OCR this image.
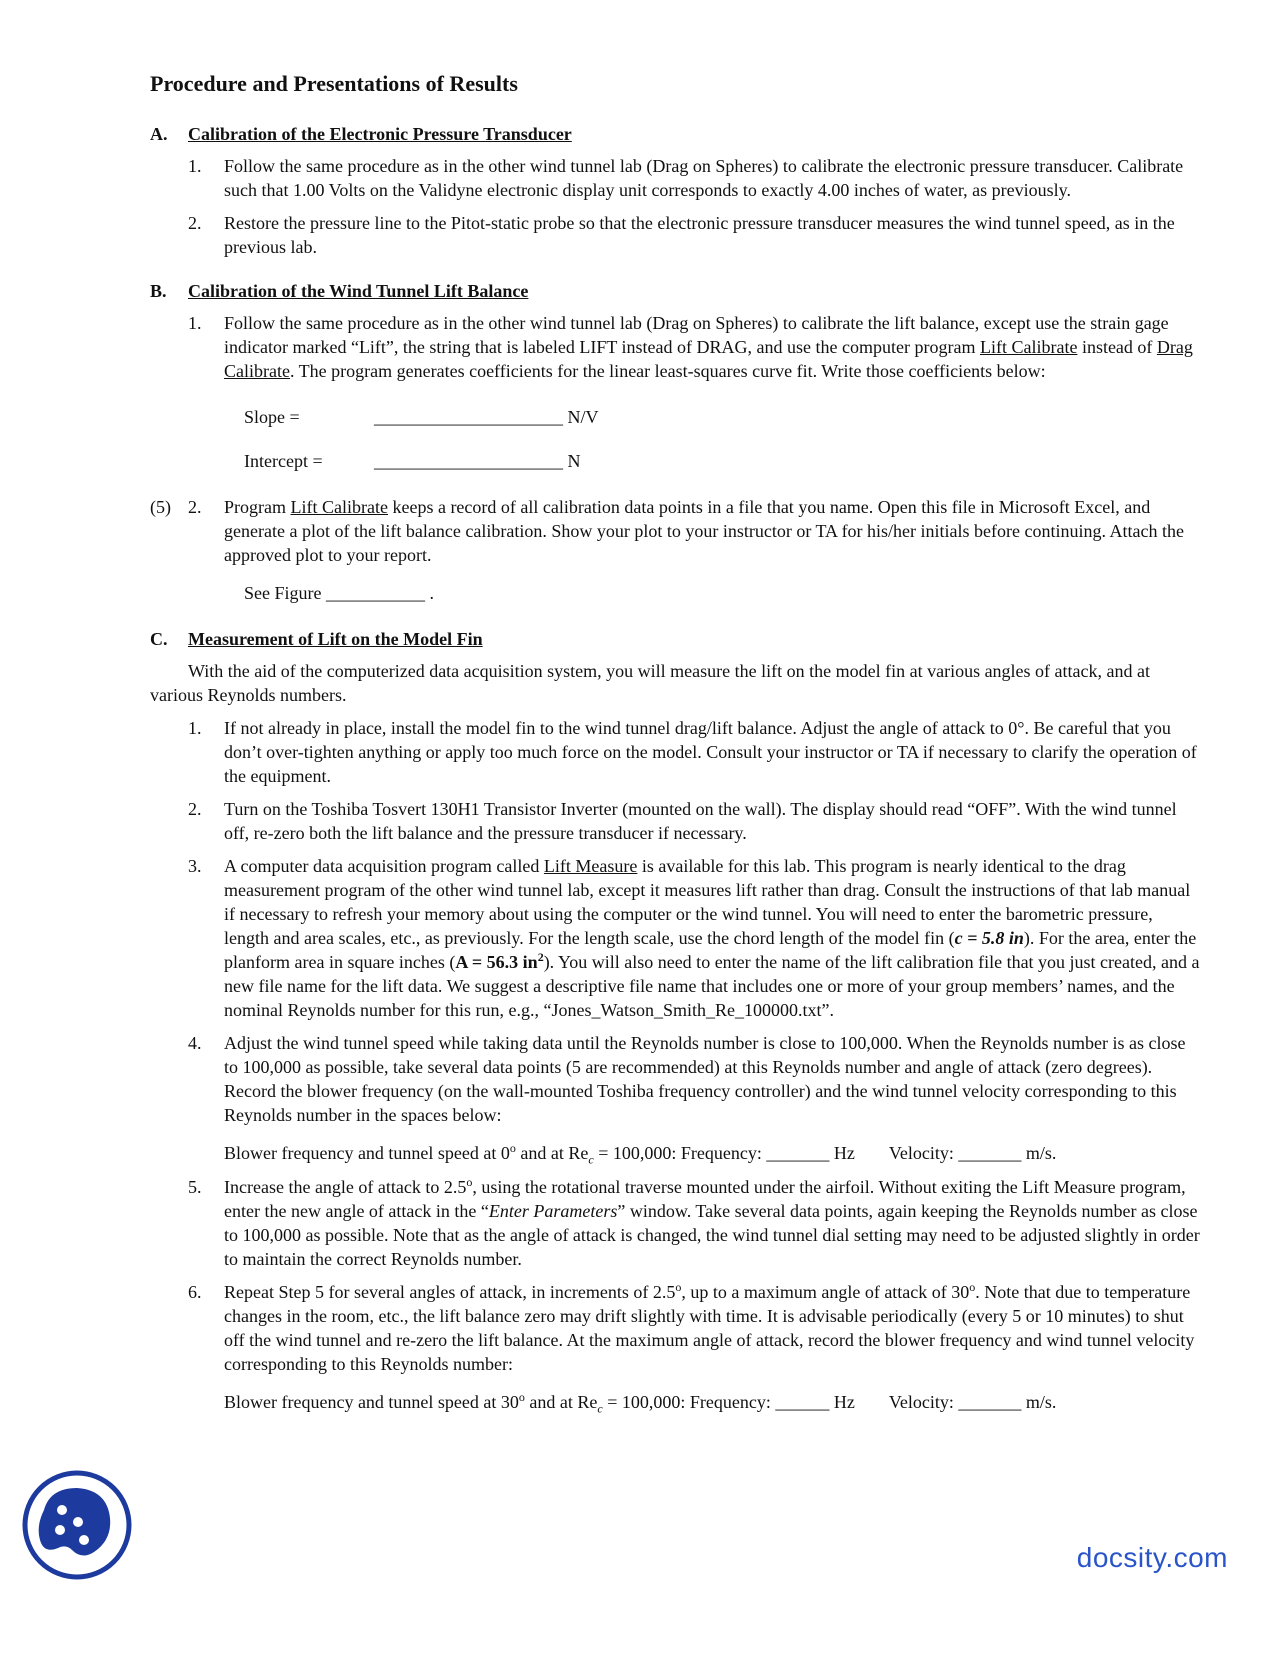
Procedure and Presentations of Results
A.	Calibration of the Electronic Pressure Transducer
1.	Follow the same procedure as in the other wind tunnel lab (Drag on Spheres) to calibrate the electronic pressure transducer. Calibrate such that 1.00 Volts on the Validyne electronic display unit corresponds to exactly 4.00 inches of water, as previously.
2.	Restore the pressure line to the Pitot-static probe so that the electronic pressure transducer measures the wind tunnel speed, as in the previous lab.
B.	Calibration of the Wind Tunnel Lift Balance
1.	Follow the same procedure as in the other wind tunnel lab (Drag on Spheres) to calibrate the lift balance, except use the strain gage indicator marked “Lift”, the string that is labeled LIFT instead of DRAG, and use the computer program Lift Calibrate instead of Drag Calibrate. The program generates coefficients for the linear least-squares curve fit. Write those coefficients below:
Slope =	_____________________ N/V
Intercept =	_____________________ N
(5) 2.	Program Lift Calibrate keeps a record of all calibration data points in a file that you name. Open this file in Microsoft Excel, and generate a plot of the lift balance calibration. Show your plot to your instructor or TA for his/her initials before continuing. Attach the approved plot to your report.
See Figure ___________ .
C.	Measurement of Lift on the Model Fin
With the aid of the computerized data acquisition system, you will measure the lift on the model fin at various angles of attack, and at various Reynolds numbers.
1.	If not already in place, install the model fin to the wind tunnel drag/lift balance. Adjust the angle of attack to 0°. Be careful that you don’t over-tighten anything or apply too much force on the model. Consult your instructor or TA if necessary to clarify the operation of the equipment.
2.	Turn on the Toshiba Tosvert 130H1 Transistor Inverter (mounted on the wall). The display should read “OFF”. With the wind tunnel off, re-zero both the lift balance and the pressure transducer if necessary.
3.	A computer data acquisition program called Lift Measure is available for this lab. This program is nearly identical to the drag measurement program of the other wind tunnel lab, except it measures lift rather than drag. Consult the instructions of that lab manual if necessary to refresh your memory about using the computer or the wind tunnel. You will need to enter the barometric pressure, length and area scales, etc., as previously. For the length scale, use the chord length of the model fin (c = 5.8 in). For the area, enter the planform area in square inches (A = 56.3 $in^2$). You will also need to enter the name of the lift calibration file that you just created, and a new file name for the lift data. We suggest a descriptive file name that includes one or more of your group members’ names, and the nominal Reynolds number for this run, e.g., “Jones_Watson_Smith_Re_100000.txt”.
4.	Adjust the wind tunnel speed while taking data until the Reynolds number is close to 100,000. When the Reynolds number is as close to 100,000 as possible, take several data points (5 are recommended) at this Reynolds number and angle of attack (zero degrees). Record the blower frequency (on the wall-mounted Toshiba frequency controller) and the wind tunnel velocity corresponding to this Reynolds number in the spaces below:
Blower frequency and tunnel speed at 0$^o$ and at $Re_c = 100,000$: Frequency: _______ Hz Velocity: _______ m/s.
5.	Increase the angle of attack to 2.5$^o$, using the rotational traverse mounted under the airfoil. Without exiting the Lift Measure program, enter the new angle of attack in the “Enter Parameters” window. Take several data points, again keeping the Reynolds number as close to 100,000 as possible. Note that as the angle of attack is changed, the wind tunnel dial setting may need to be adjusted slightly in order to maintain the correct Reynolds number.
6.	Repeat Step 5 for several angles of attack, in increments of 2.5$^o$, up to a maximum angle of attack of 30$^o$. Note that due to temperature changes in the room, etc., the lift balance zero may drift slightly with time. It is advisable periodically (every 5 or 10 minutes) to shut off the wind tunnel and re-zero the lift balance. At the maximum angle of attack, record the blower frequency and wind tunnel velocity corresponding to this Reynolds number:
Blower frequency and tunnel speed at 30$^o$ and at $Re_c = 100,000$: Frequency: ______ Hz Velocity: _______ m/s.
docsity.com
